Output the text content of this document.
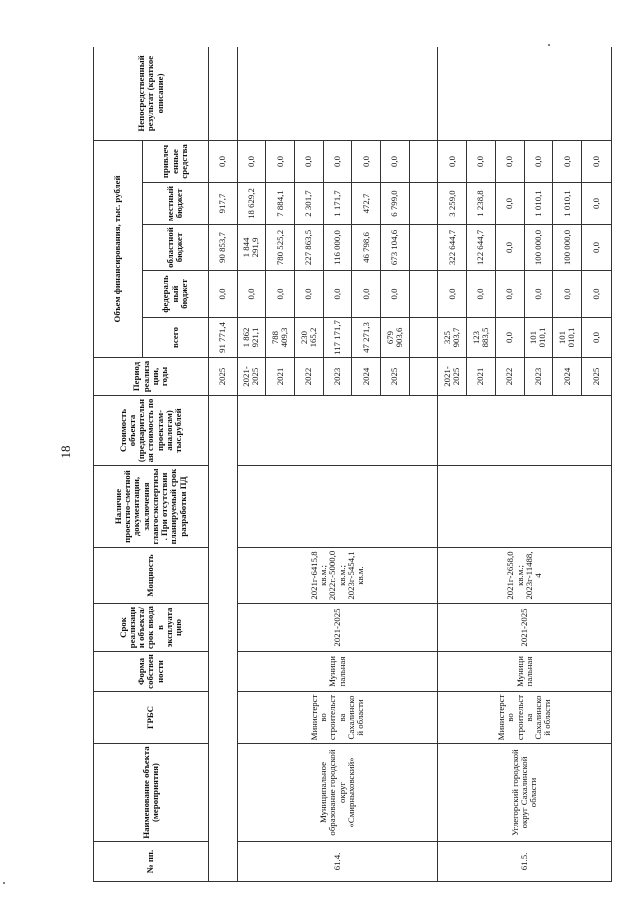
18
№ пп.	Наименование объекта (мероприятия)	ГРБС	Форма собственности	Срок реализации объекта/срок ввода в эксплуатацию	Мощность	Наличие проектно-сметной документации, заключения главгосэкспертизы. При отсутствии планируемый срок разработки ПД	Стоимость объекта (предварительная стоимость по проектам-аналогам) тыс.рублей	Период реализации, годы	Объем финансирования, тыс. рублей					Непосредственный результат (краткое описание)
									всего	федеральный бюджет	областной бюджет	местный бюджет	привлеченные средства	
								2025	91 771,4	0,0	90 853,7	917,7	0,0	
61.4.	Муниципальное образование городской округ «Смирныховский»	Министерство строительства Сахалинской области	Муниципальная	2021-2025	2021г-6415,8 кв.м.; 2022г.-5000,0 кв.м.; 2023г-5454,1 кв.м.			2021-2025	1 862 921,1	0,0	1 844 291,9	18 629,2	0,0	
								2021	788 409,3	0,0	780 525,2	7 884,1	0,0	
								2022	230 165,2	0,0	227 863,5	2 301,7	0,0	
								2023	117 171,7	0,0	116 000,0	1 171,7	0,0	
								2024	47 271,3	0,0	46 798,6	472,7	0,0	
								2025	679 903,6	0,0	673 104,6	6 799,0	0,0	

61.5.	Углегорский городской округ Сахалинской области	Министерство строительства Сахалинской области	Муниципальная	2021-2025	2021г-2658,0 кв.м.; 2023г-11488,4			2021-2025	325 903,7	0,0	322 644,7	3 259,0	0,0	
								2021	123 883,5	0,0	122 644,7	1 238,8	0,0	
								2022	0,0	0,0	0,0	0,0	0,0	
								2023	101 010,1	0,0	100 000,0	1 010,1	0,0	
								2024	101 010,1	0,0	100 000,0	1 010,1	0,0	
								2025	0,0	0,0	0,0	0,0	0,0	
